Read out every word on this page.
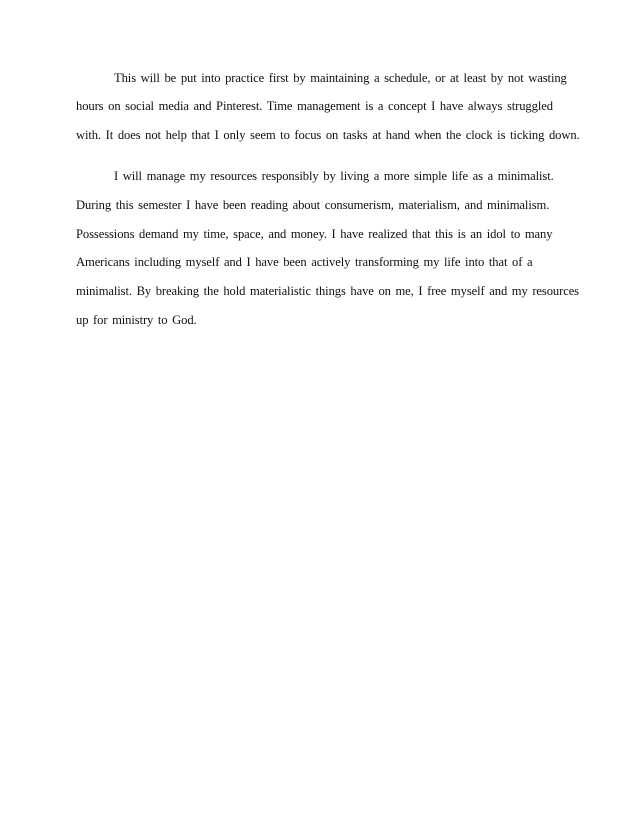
This will be put into practice first by maintaining a schedule, or at least by not wasting
hours on social media and Pinterest. Time management is a concept I have always struggled
with. It does not help that I only seem to focus on tasks at hand when the clock is ticking down.
I will manage my resources responsibly by living a more simple life as a minimalist.
During this semester I have been reading about consumerism, materialism, and minimalism.
Possessions demand my time, space, and money. I have realized that this is an idol to many
Americans including myself and I have been actively transforming my life into that of a
minimalist. By breaking the hold materialistic things have on me, I free myself and my resources
up for ministry to God.
